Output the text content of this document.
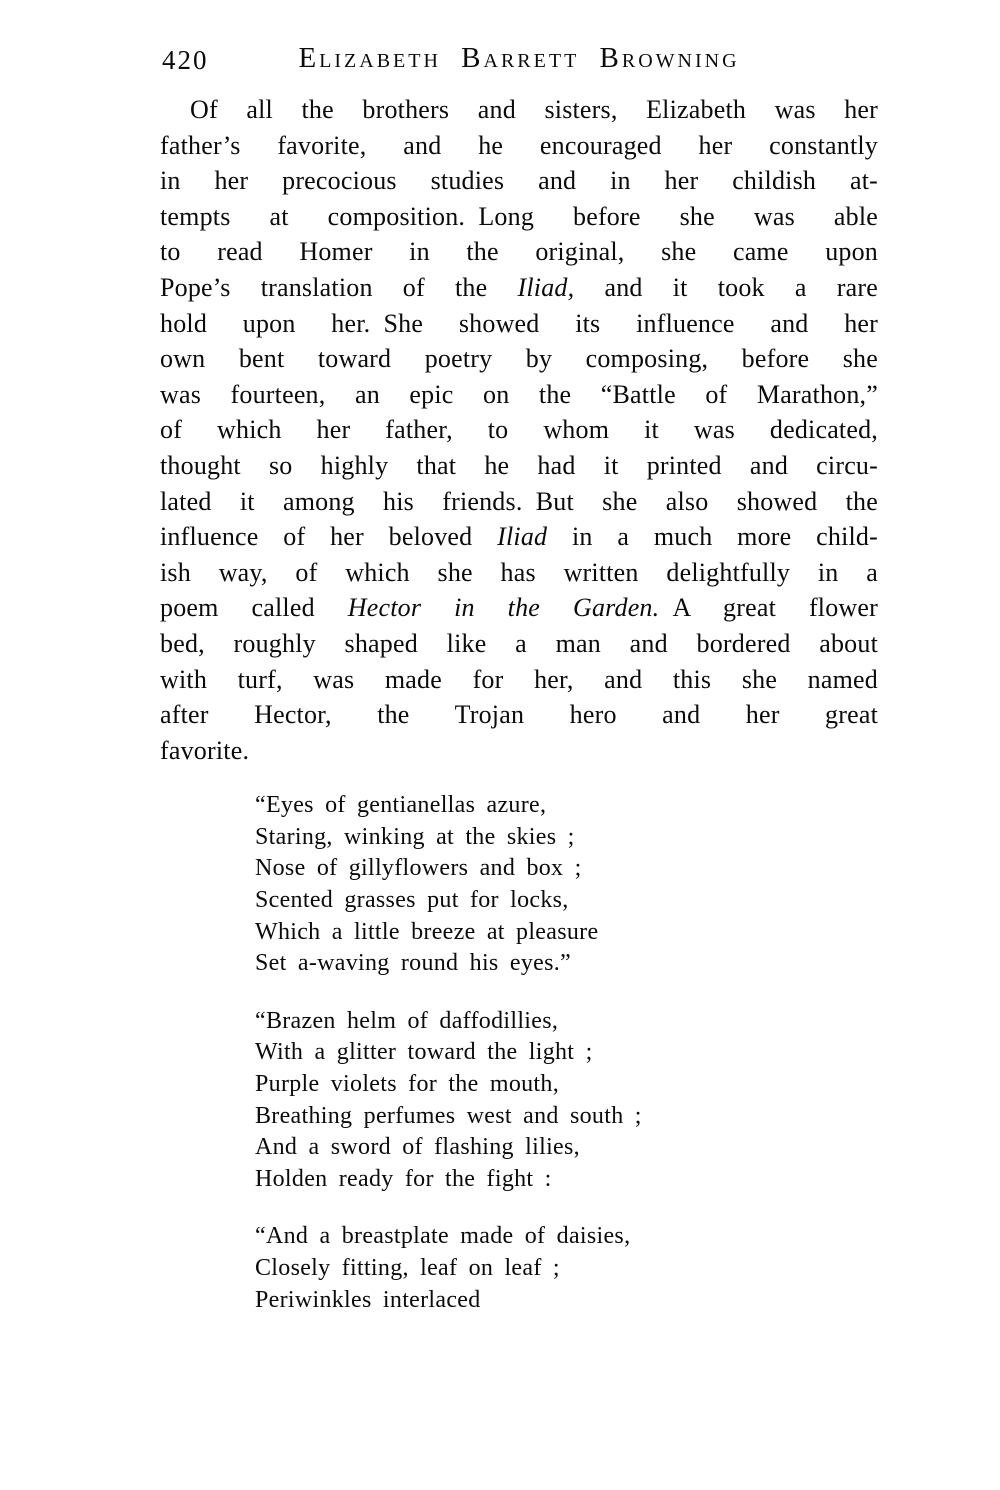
420	Elizabeth Barrett Browning
Of all the brothers and sisters, Elizabeth was her
father’s favorite, and he encouraged her constantly
in her precocious studies and in her childish at-
tempts at composition. Long before she was able
to read Homer in the original, she came upon
Pope’s translation of the Iliad, and it took a rare
hold upon her. She showed its influence and her
own bent toward poetry by composing, before she
was fourteen, an epic on the “Battle of Marathon,”
of which her father, to whom it was dedicated,
thought so highly that he had it printed and circu-
lated it among his friends. But she also showed the
influence of her beloved Iliad in a much more child-
ish way, of which she has written delightfully in a
poem called Hector in the Garden. A great flower
bed, roughly shaped like a man and bordered about
with turf, was made for her, and this she named
after Hector, the Trojan hero and her great
favorite.
“Eyes of gentianellas azure,
Staring, winking at the skies ;
Nose of gillyflowers and box ;
Scented grasses put for locks,
Which a little breeze at pleasure
Set a-waving round his eyes.”
“Brazen helm of daffodillies,
With a glitter toward the light ;
Purple violets for the mouth,
Breathing perfumes west and south ;
And a sword of flashing lilies,
Holden ready for the fight :
“And a breastplate made of daisies,
Closely fitting, leaf on leaf ;
Periwinkles interlaced
